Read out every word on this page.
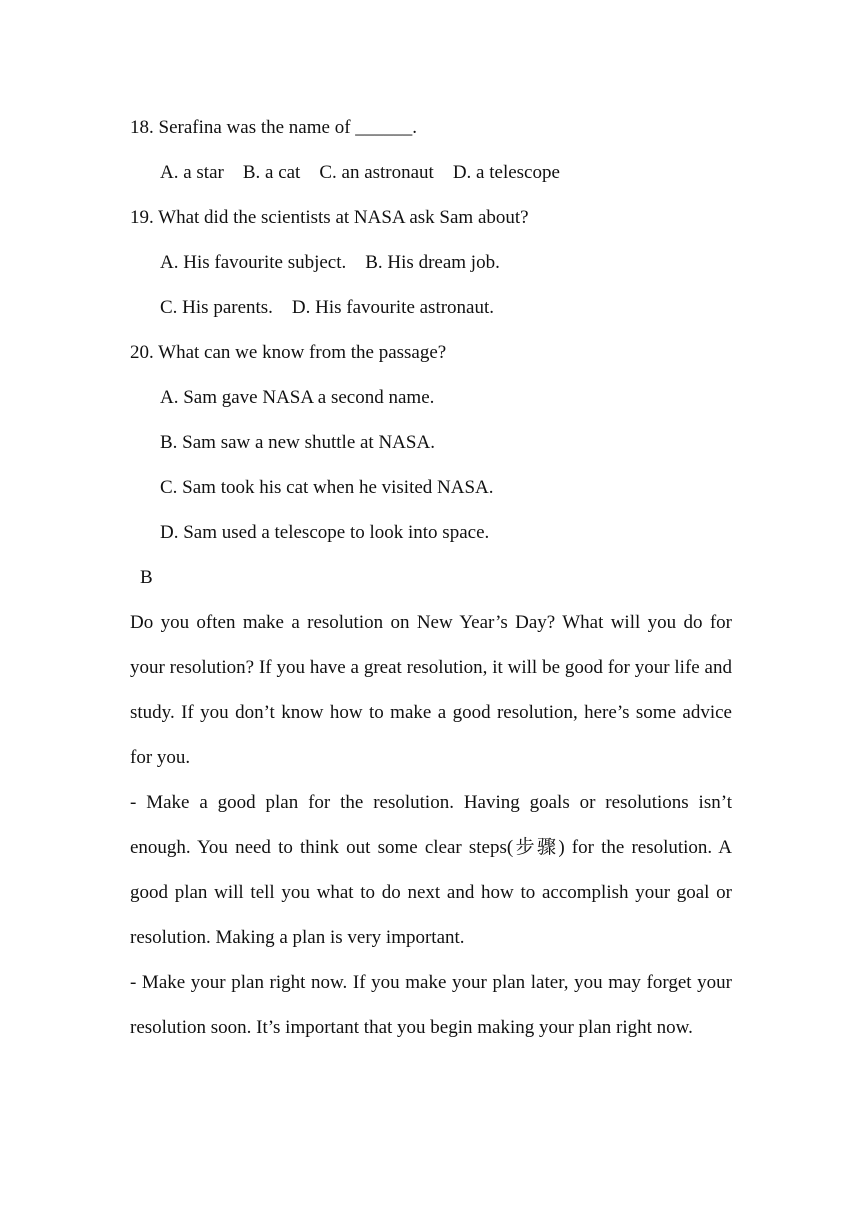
18. Serafina was the name of ______.

A. a star    B. a cat    C. an astronaut    D. a telescope

19. What did the scientists at NASA ask Sam about?

A. His favourite subject.    B. His dream job.

C. His parents.    D. His favourite astronaut.

20. What can we know from the passage?

A. Sam gave NASA a second name.

B. Sam saw a new shuttle at NASA.

C. Sam took his cat when he visited NASA.

D. Sam used a telescope to look into space.

B

Do you often make a resolution on New Year’s Day? What will you do for your resolution? If you have a great resolution, it will be good for your life and study. If you don’t know how to make a good resolution, here’s some advice for you.

- Make a good plan for the resolution. Having goals or resolutions isn’t enough. You need to think out some clear steps(步骤) for the resolution. A good plan will tell you what to do next and how to accomplish your goal or resolution. Making a plan is very important.

- Make your plan right now. If you make your plan later, you may forget your resolution soon. It’s important that you begin making your plan right now.
